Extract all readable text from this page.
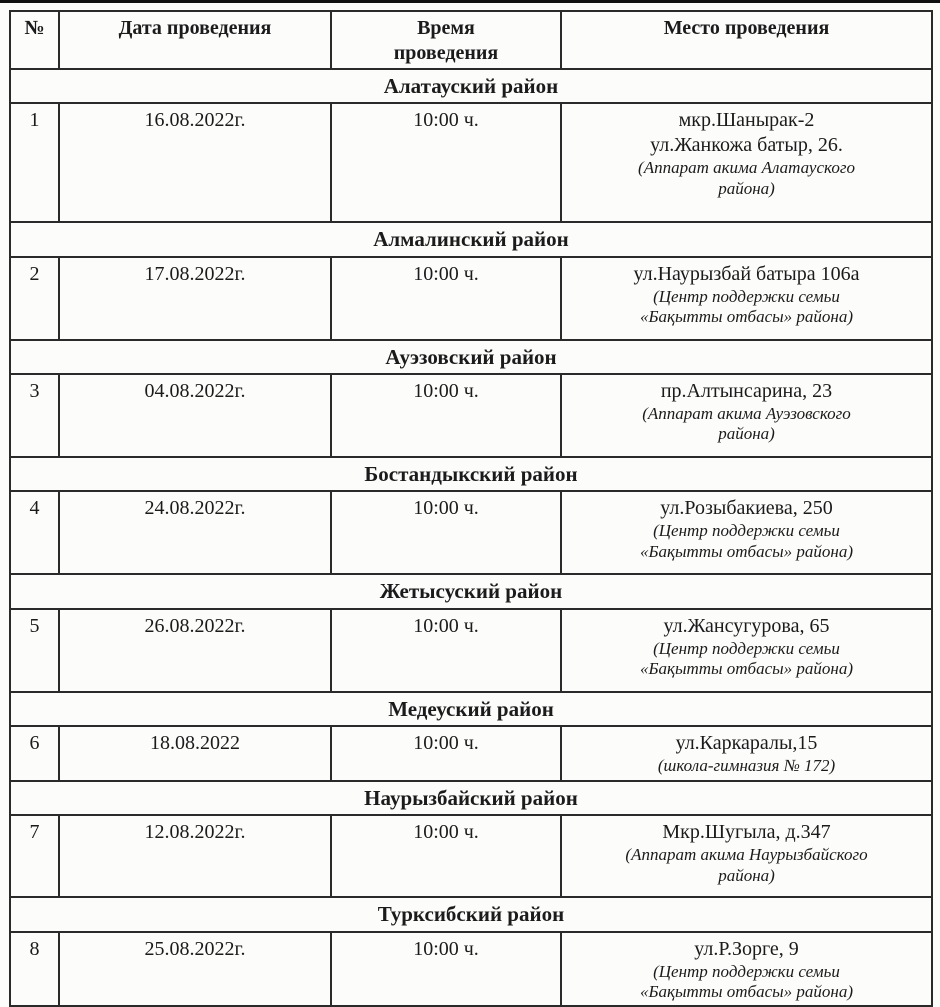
№	Дата проведения	Время проведения	Место проведения
Алатауский район			
1	16.08.2022г.	10:00 ч.	мкр.Шанырак-2
ул.Жанкожа батыр, 26.
(Аппарат акима Алатауского
района)

Алмалинский район			
2	17.08.2022г.	10:00 ч.	ул.Наурызбай батыра 106а
(Центр поддержки семьи
«Бақытты отбасы» района)

Ауэзовский район			
3	04.08.2022г.	10:00 ч.	пр.Алтынсарина, 23
(Аппарат акима Ауэзовского
района)

Бостандыкский район			
4	24.08.2022г.	10:00 ч.	ул.Розыбакиева, 250
(Центр поддержки семьи
«Бақытты отбасы» района)

Жетысуский район			
5	26.08.2022г.	10:00 ч.	ул.Жансугурова, 65
(Центр поддержки семьи
«Бақытты отбасы» района)

Медеуский район			
6	18.08.2022	10:00 ч.	ул.Каркаралы,15
(школа-гимназия № 172)

Наурызбайский район			
7	12.08.2022г.	10:00 ч.	Мкр.Шугыла, д.347
(Аппарат акима Наурызбайского
района)

Турксибский район			
8	25.08.2022г.	10:00 ч.	ул.Р.Зорге, 9
(Центр поддержки семьи
«Бақытты отбасы» района)
